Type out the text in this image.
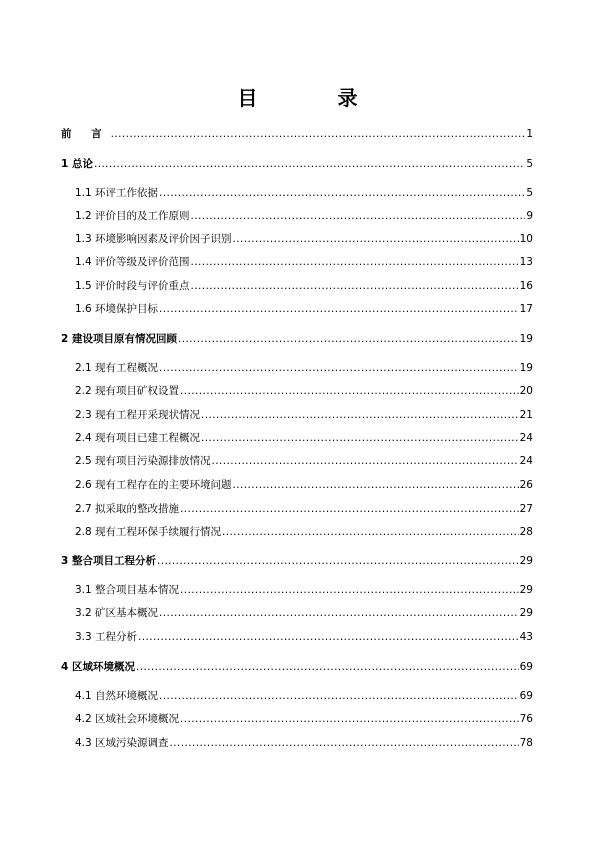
目　录
前 言 .....	1
1 总论 .....	5
1.1 环评工作依据 .....	5
1.2 评价目的及工作原则 .....	9
1.3 环境影响因素及评价因子识别 .....	10
1.4 评价等级及评价范围 .....	13
1.5 评价时段与评价重点 .....	16
1.6 环境保护目标 .....	17
2 建设项目原有情况回顾 .....	19
2.1 现有工程概况 .....	19
2.2 现有项目矿权设置 .....	20
2.3 现有工程开采现状情况 .....	21
2.4 现有项目已建工程概况 .....	24
2.5 现有项目污染源排放情况 .....	24
2.6 现有工程存在的主要环境问题 .....	26
2.7 拟采取的整改措施 .....	27
2.8 现有工程环保手续履行情况 .....	28
3 整合项目工程分析 .....	29
3.1 整合项目基本情况 .....	29
3.2 矿区基本概况 .....	29
3.3 工程分析 .....	43
4 区域环境概况 .....	69
4.1 自然环境概况 .....	69
4.2 区域社会环境概况 .....	76
4.3 区域污染源调查 .....	78
